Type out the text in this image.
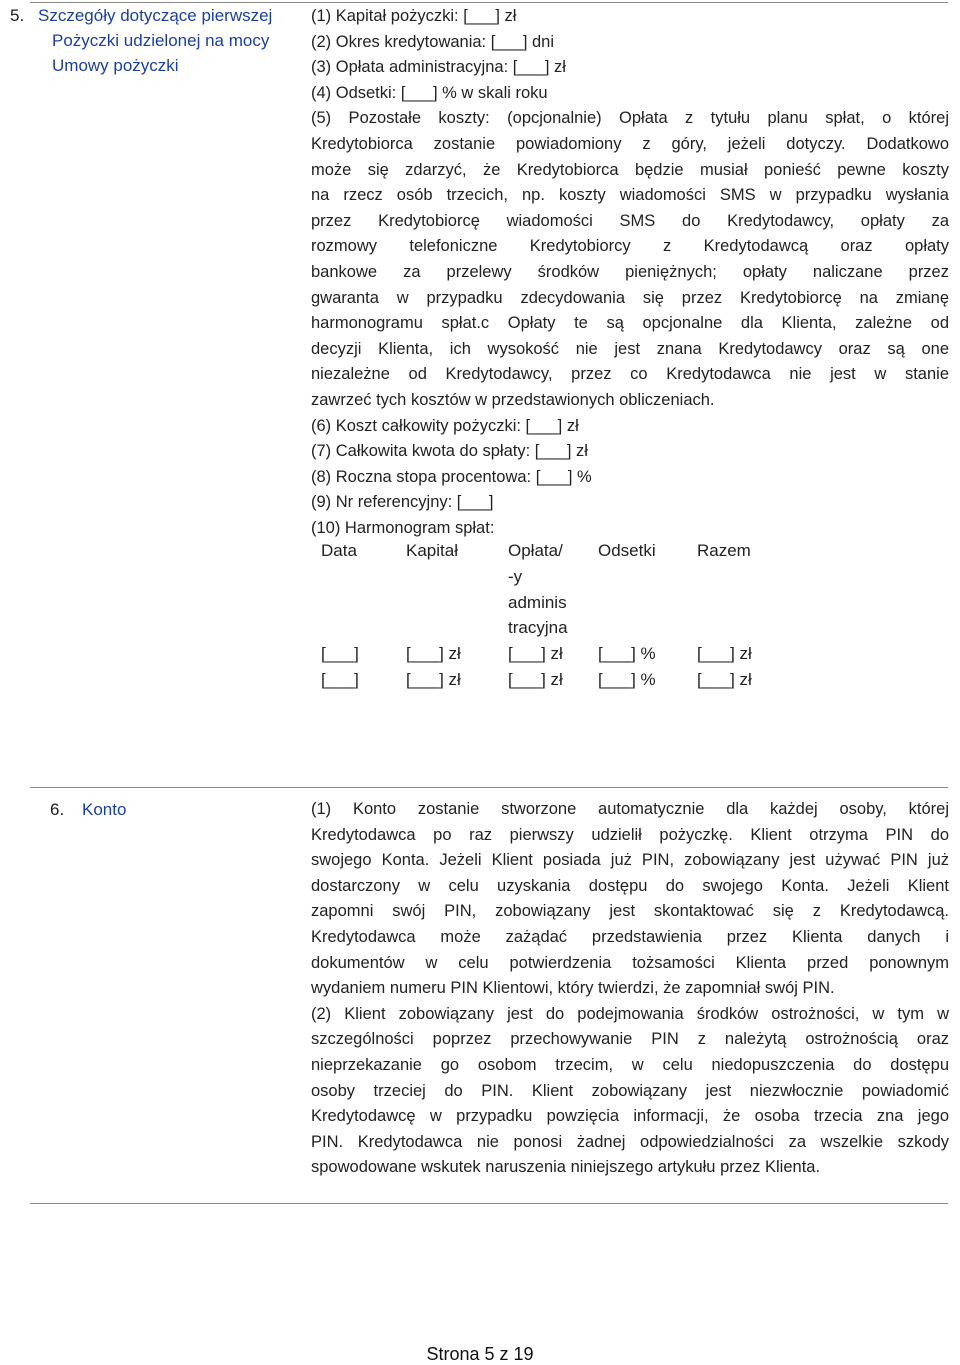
5. Szczegóły dotyczące pierwszej
Pożyczki udzielonej na mocy
Umowy pożyczki
(1) Kapitał pożyczki: [___] zł
(2) Okres kredytowania: [___] dni
(3) Opłata administracyjna: [___] zł
(4) Odsetki: [___] % w skali roku
(5) Pozostałe koszty: (opcjonalnie) Opłata z tytułu planu spłat, o której
Kredytobiorca zostanie powiadomiony z góry, jeżeli dotyczy. Dodatkowo
może się zdarzyć, że Kredytobiorca będzie musiał ponieść pewne koszty
na rzecz osób trzecich, np. koszty wiadomości SMS w przypadku wysłania
przez Kredytobiorcę wiadomości SMS do Kredytodawcy, opłaty za
rozmowy telefoniczne Kredytobiorcy z Kredytodawcą oraz opłaty
bankowe za przelewy środków pieniężnych; opłaty naliczane przez
gwaranta w przypadku zdecydowania się przez Kredytobiorcę na zmianę
harmonogramu spłat.c Opłaty te są opcjonalne dla Klienta, zależne od
decyzji Klienta, ich wysokość nie jest znana Kredytodawcy oraz są one
niezależne od Kredytodawcy, przez co Kredytodawca nie jest w stanie
zawrzeć tych kosztów w przedstawionych obliczeniach.
(6) Koszt całkowity pożyczki: [___] zł
(7) Całkowita kwota do spłaty: [___] zł
(8) Roczna stopa procentowa: [___] %
(9) Nr referencyjny: [___]
(10) Harmonogram spłat:
Data
[___]
[___]
Kapitał
[___] zł
[___] zł
Opłata/
-y
adminis
tracyjna
[___] zł
[___] zł
Odsetki
[___] %
[___] %
Razem
[___] zł
[___] zł
6. Konto	(1) Konto zostanie stworzone automatycznie dla każdej osoby, której
Kredytodawca po raz pierwszy udzielił pożyczkę. Klient otrzyma PIN do
swojego Konta. Jeżeli Klient posiada już PIN, zobowiązany jest używać PIN już
dostarczony w celu uzyskania dostępu do swojego Konta. Jeżeli Klient
zapomni swój PIN, zobowiązany jest skontaktować się z Kredytodawcą.
Kredytodawca może zażądać przedstawienia przez Klienta danych i
dokumentów w celu potwierdzenia tożsamości Klienta przed ponownym
wydaniem numeru PIN Klientowi, który twierdzi, że zapomniał swój PIN.
(2) Klient zobowiązany jest do podejmowania środków ostrożności, w tym w
szczególności poprzez przechowywanie PIN z należytą ostrożnością oraz
nieprzekazanie go osobom trzecim, w celu niedopuszczenia do dostępu
osoby trzeciej do PIN. Klient zobowiązany jest niezwłocznie powiadomić
Kredytodawcę w przypadku powzięcia informacji, że osoba trzecia zna jego
PIN. Kredytodawca nie ponosi żadnej odpowiedzialności za wszelkie szkody
spowodowane wskutek naruszenia niniejszego artykułu przez Klienta.
Strona 5 z 19
